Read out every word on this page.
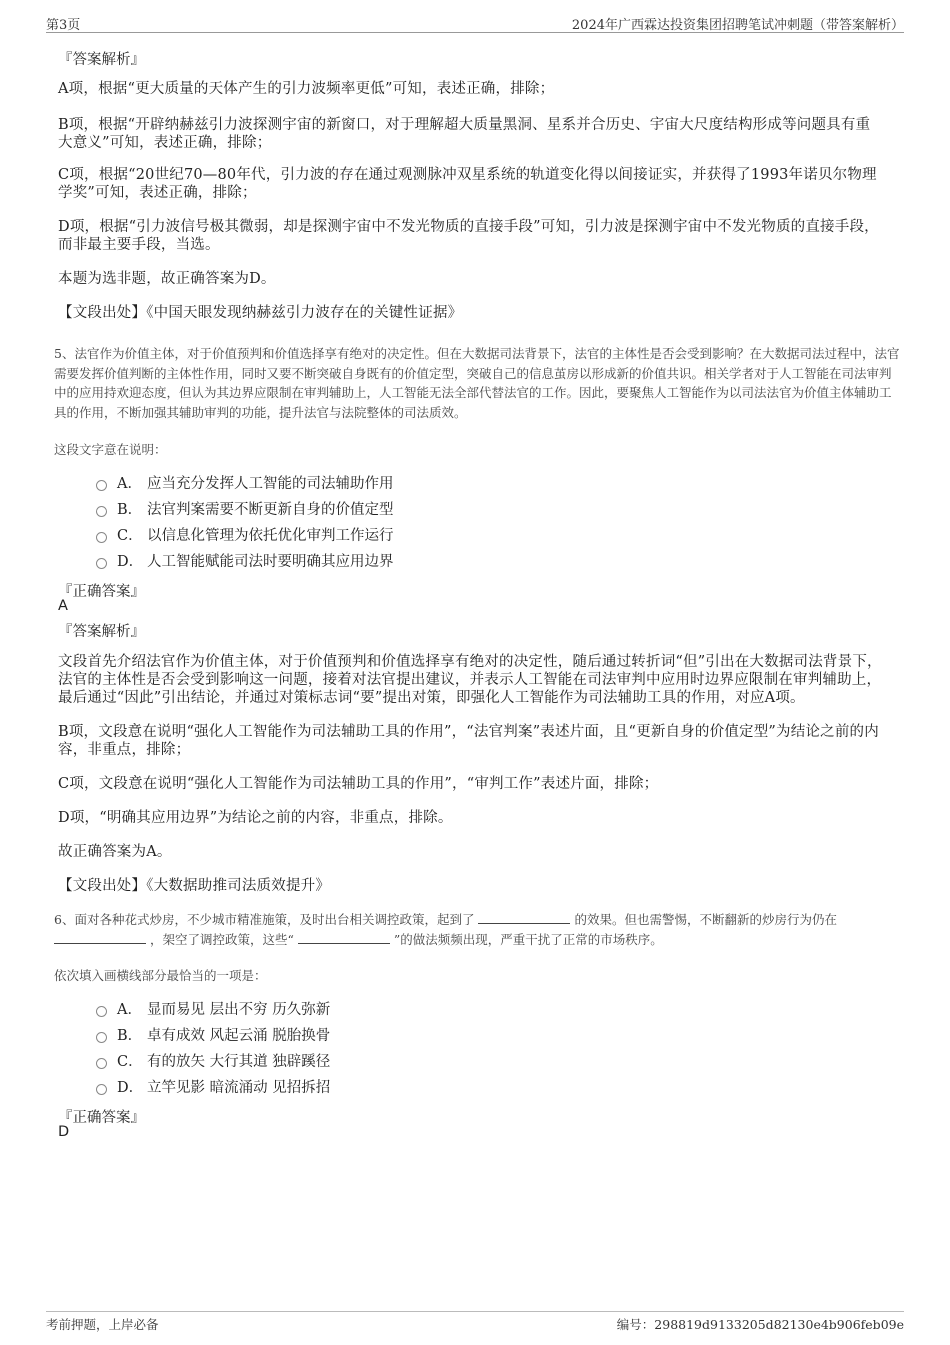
第3页	2024年广西霖达投资集团招聘笔试冲刺题（带答案解析）
『答案解析』
A项，根据“更大质量的天体产生的引力波频率更低”可知，表述正确，排除；
B项，根据“开辟纳赫兹引力波探测宇宙的新窗口，对于理解超大质量黑洞、星系并合历史、宇宙大尺度结构形成等问题具有重大意义”可知，表述正确，排除；
C项，根据“20世纪70—80年代，引力波的存在通过观测脉冲双星系统的轨道变化得以间接证实，并获得了1993年诺贝尔物理学奖”可知，表述正确，排除；
D项，根据“引力波信号极其微弱，却是探测宇宙中不发光物质的直接手段”可知，引力波是探测宇宙中不发光物质的直接手段，而非最主要手段，当选。
本题为选非题，故正确答案为D。
【文段出处】《中国天眼发现纳赫兹引力波存在的关键性证据》
5、法官作为价值主体，对于价值预判和价值选择享有绝对的决定性。但在大数据司法背景下，法官的主体性是否会受到影响？在大数据司法过程中，法官需要发挥价值判断的主体性作用，同时又要不断突破自身既有的价值定型，突破自己的信息茧房以形成新的价值共识。相关学者对于人工智能在司法审判中的应用持欢迎态度，但认为其边界应限制在审判辅助上，人工智能无法全部代替法官的工作。因此，要聚焦人工智能作为以司法法官为价值主体辅助工具的作用，不断加强其辅助审判的功能，提升法官与法院整体的司法质效。
这段文字意在说明：
A． 应当充分发挥人工智能的司法辅助作用
B． 法官判案需要不断更新自身的价值定型
C． 以信息化管理为依托优化审判工作运行
D． 人工智能赋能司法时要明确其应用边界
『正确答案』
A
『答案解析』
文段首先介绍法官作为价值主体，对于价值预判和价值选择享有绝对的决定性，随后通过转折词“但”引出在大数据司法背景下，法官的主体性是否会受到影响这一问题，接着对法官提出建议，并表示人工智能在司法审判中应用时边界应限制在审判辅助上，最后通过“因此”引出结论，并通过对策标志词“要”提出对策，即强化人工智能作为司法辅助工具的作用，对应A项。
B项，文段意在说明“强化人工智能作为司法辅助工具的作用”，“法官判案”表述片面，且“更新自身的价值定型”为结论之前的内容，非重点，排除；
C项，文段意在说明“强化人工智能作为司法辅助工具的作用”，“审判工作”表述片面，排除；
D项，“明确其应用边界”为结论之前的内容，非重点，排除。
故正确答案为A。
【文段出处】《大数据助推司法质效提升》
6、面对各种花式炒房，不少城市精准施策，及时出台相关调控政策，起到了	的效果。但也需警惕，不断翻新的炒房行为仍在  ，架空了调控政策，这些“	”的做法频频出现，严重干扰了正常的市场秩序。
依次填入画横线部分最恰当的一项是：
A． 显而易见 层出不穷 历久弥新
B． 卓有成效 风起云涌 脱胎换骨
C． 有的放矢 大行其道 独辟蹊径
D． 立竿见影 暗流涌动 见招拆招
『正确答案』
D
考前押题，上岸必备	编号：298819d9133205d82130e4b906feb09e
